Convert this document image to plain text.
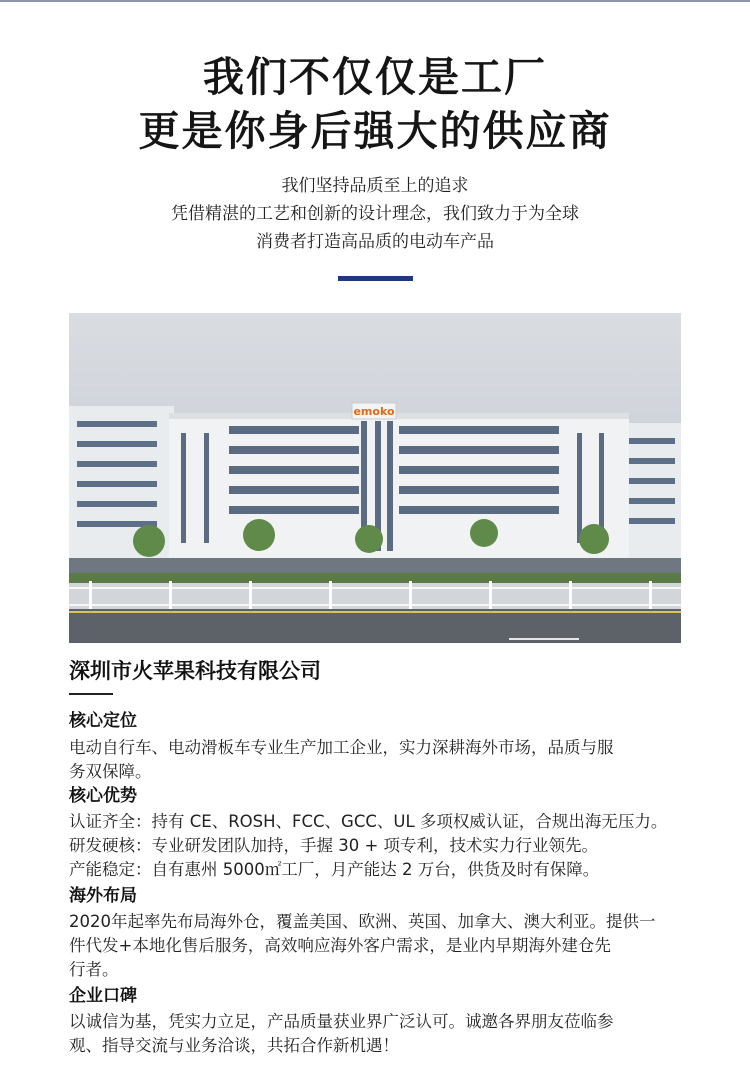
我们不仅仅是工厂
更是你身后强大的供应商

我们坚持品质至上的追求

凭借精湛的工艺和创新的设计理念，我们致力于为全球

消费者打造高品质的电动车产品

emoko
深圳市火苹果科技有限公司
核心定位

电动自行车、电动滑板车专业生产加工企业，实力深耕海外市场，品质与服

务双保障。

核心优势

认证齐全：持有 CE、ROSH、FCC、GCC、UL 多项权威认证，合规出海无压力。

研发硬核：专业研发团队加持，手握 30 + 项专利，技术实力行业领先。

产能稳定：自有惠州 5000㎡工厂，月产能达 2 万台，供货及时有保障。

海外布局

2020年起率先布局海外仓，覆盖美国、欧洲、英国、加拿大、澳大利亚。提供一

件代发+本地化售后服务，高效响应海外客户需求，是业内早期海外建仓先

行者。

企业口碑

以诚信为基，凭实力立足，产品质量获业界广泛认可。诚邀各界朋友莅临参

观、指导交流与业务洽谈，共拓合作新机遇！
